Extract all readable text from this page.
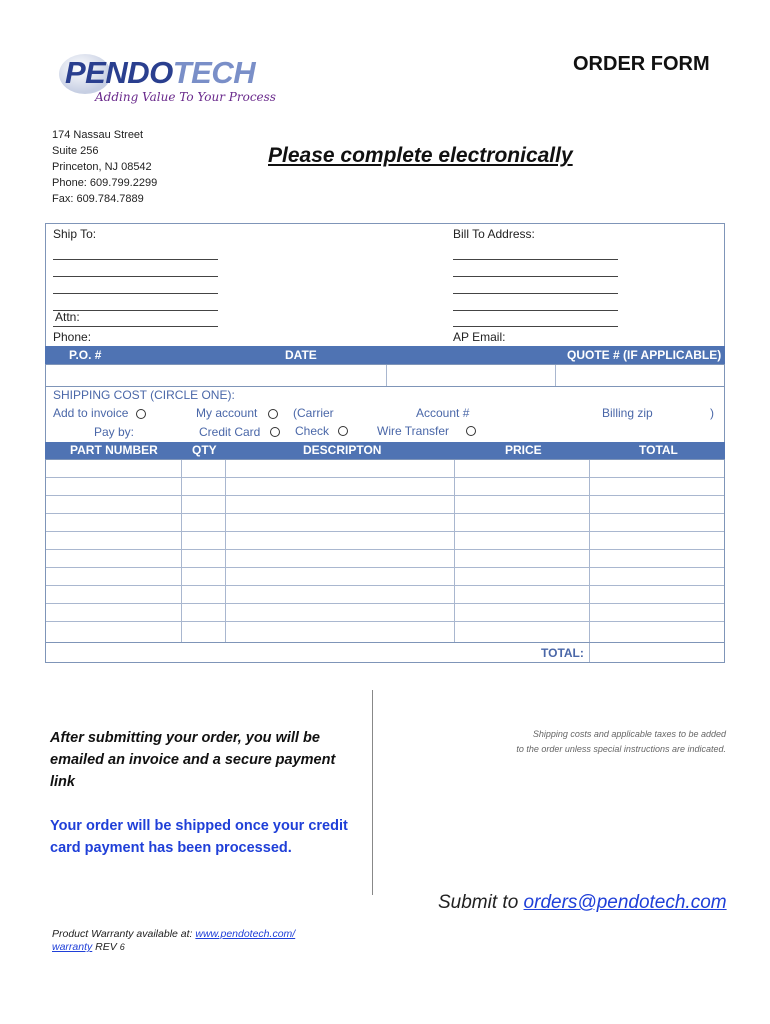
PENDOTECH
Adding Value To Your Process
ORDER FORM
Please complete electronically
174 Nassau Street
Suite 256
Princeton, NJ 08542
Phone: 609.799.2299
Fax: 609.784.7889
Ship To:
Attn:
Phone:
Bill To Address:
AP Email:
P.O. #	DATE	QUOTE # (IF APPLICABLE)
SHIPPING COST (CIRCLE ONE):
Add to invoice	My account	(Carrier	Account #	Billing zip	)
Pay by:	Credit Card	Check	Wire Transfer
PART NUMBER	QTY	DESCRIPTON	PRICE	TOTAL
TOTAL:
After submitting your order, you will be emailed an invoice and a secure payment link
Your order will be shipped once your credit card payment has been processed.
Shipping costs and applicable taxes to be added
to the order unless special instructions are indicated.
Submit to orders@pendotech.com
Product Warranty available at: www.pendotech.com/
warranty REV 6
